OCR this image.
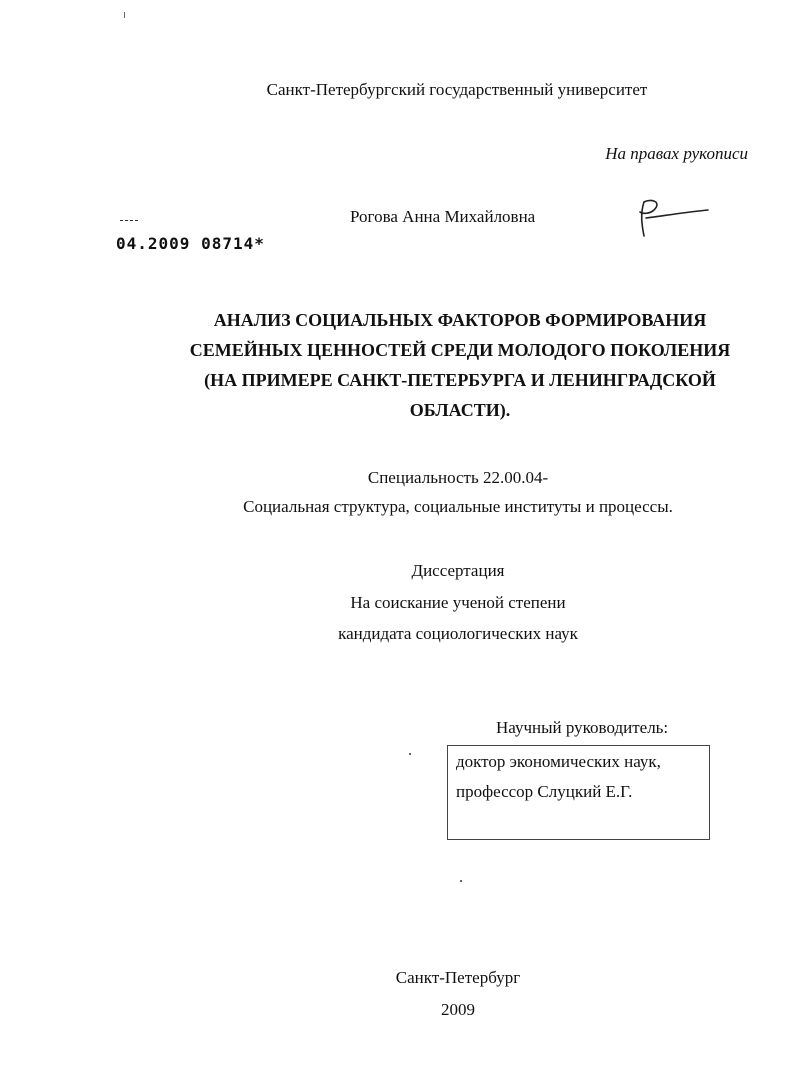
Санкт-Петербургский государственный университет
На правах рукописи
Рогова Анна Михайловна
04.2009 08714*
АНАЛИЗ СОЦИАЛЬНЫХ ФАКТОРОВ ФОРМИРОВАНИЯ
СЕМЕЙНЫХ ЦЕННОСТЕЙ СРЕДИ МОЛОДОГО ПОКОЛЕНИЯ
(НА ПРИМЕРЕ САНКТ-ПЕТЕРБУРГА И ЛЕНИНГРАДСКОЙ
ОБЛАСТИ).
Специальность 22.00.04-
Социальная структура, социальные институты и процессы.
Диссертация
На соискание ученой степени
кандидата социологических наук
Научный руководитель:
доктор экономических наук,
профессор Слуцкий Е.Г.
Санкт-Петербург
2009
